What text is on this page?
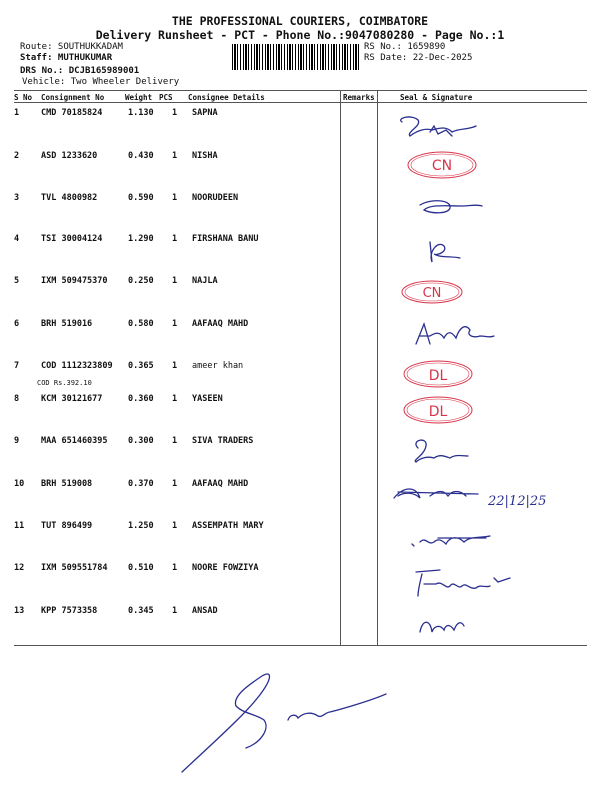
THE PROFESSIONAL COURIERS, COIMBATORE
Delivery Runsheet - PCT - Phone No.:9047080280 - Page No.:1
Route: SOUTHUKKADAM
Staff: MUTHUKUMAR
DRS No.: DCJB165989001
Vehicle: Two Wheeler Delivery
RS No.: 1659890
RS Date: 22-Dec-2025
S No Consignment No	Weight PCS Consignee Details	Remarks	Seal & Signature
1	CMD 70185824	1.130 1 SAPNA
2	ASD 1233620	0.430 1 NISHA
3	TVL 4800982	0.590 1 NOORUDEEN
4	TSI 30004124	1.290 1 FIRSHANA BANU
5	IXM 509475370 0.250 1 NAJLA
6	BRH 519016	0.580 1 AAFAAQ MAHD
7	COD 1112323809 0.365 1 ameer khan
COD Rs.392.10
8	KCM 30121677	0.360 1 YASEEN
9	MAA 651460395 0.300 1 SIVA TRADERS
10 BRH 519008	0.370 1 AAFAAQ MAHD
11 TUT 896499	1.250 1 ASSEMPATH MARY
12 IXM 509551784 0.510 1 NOORE FOWZIYA
13 KPP 7573358	0.345 1 ANSAD
22|12|25
CN
CN
DL
DL
